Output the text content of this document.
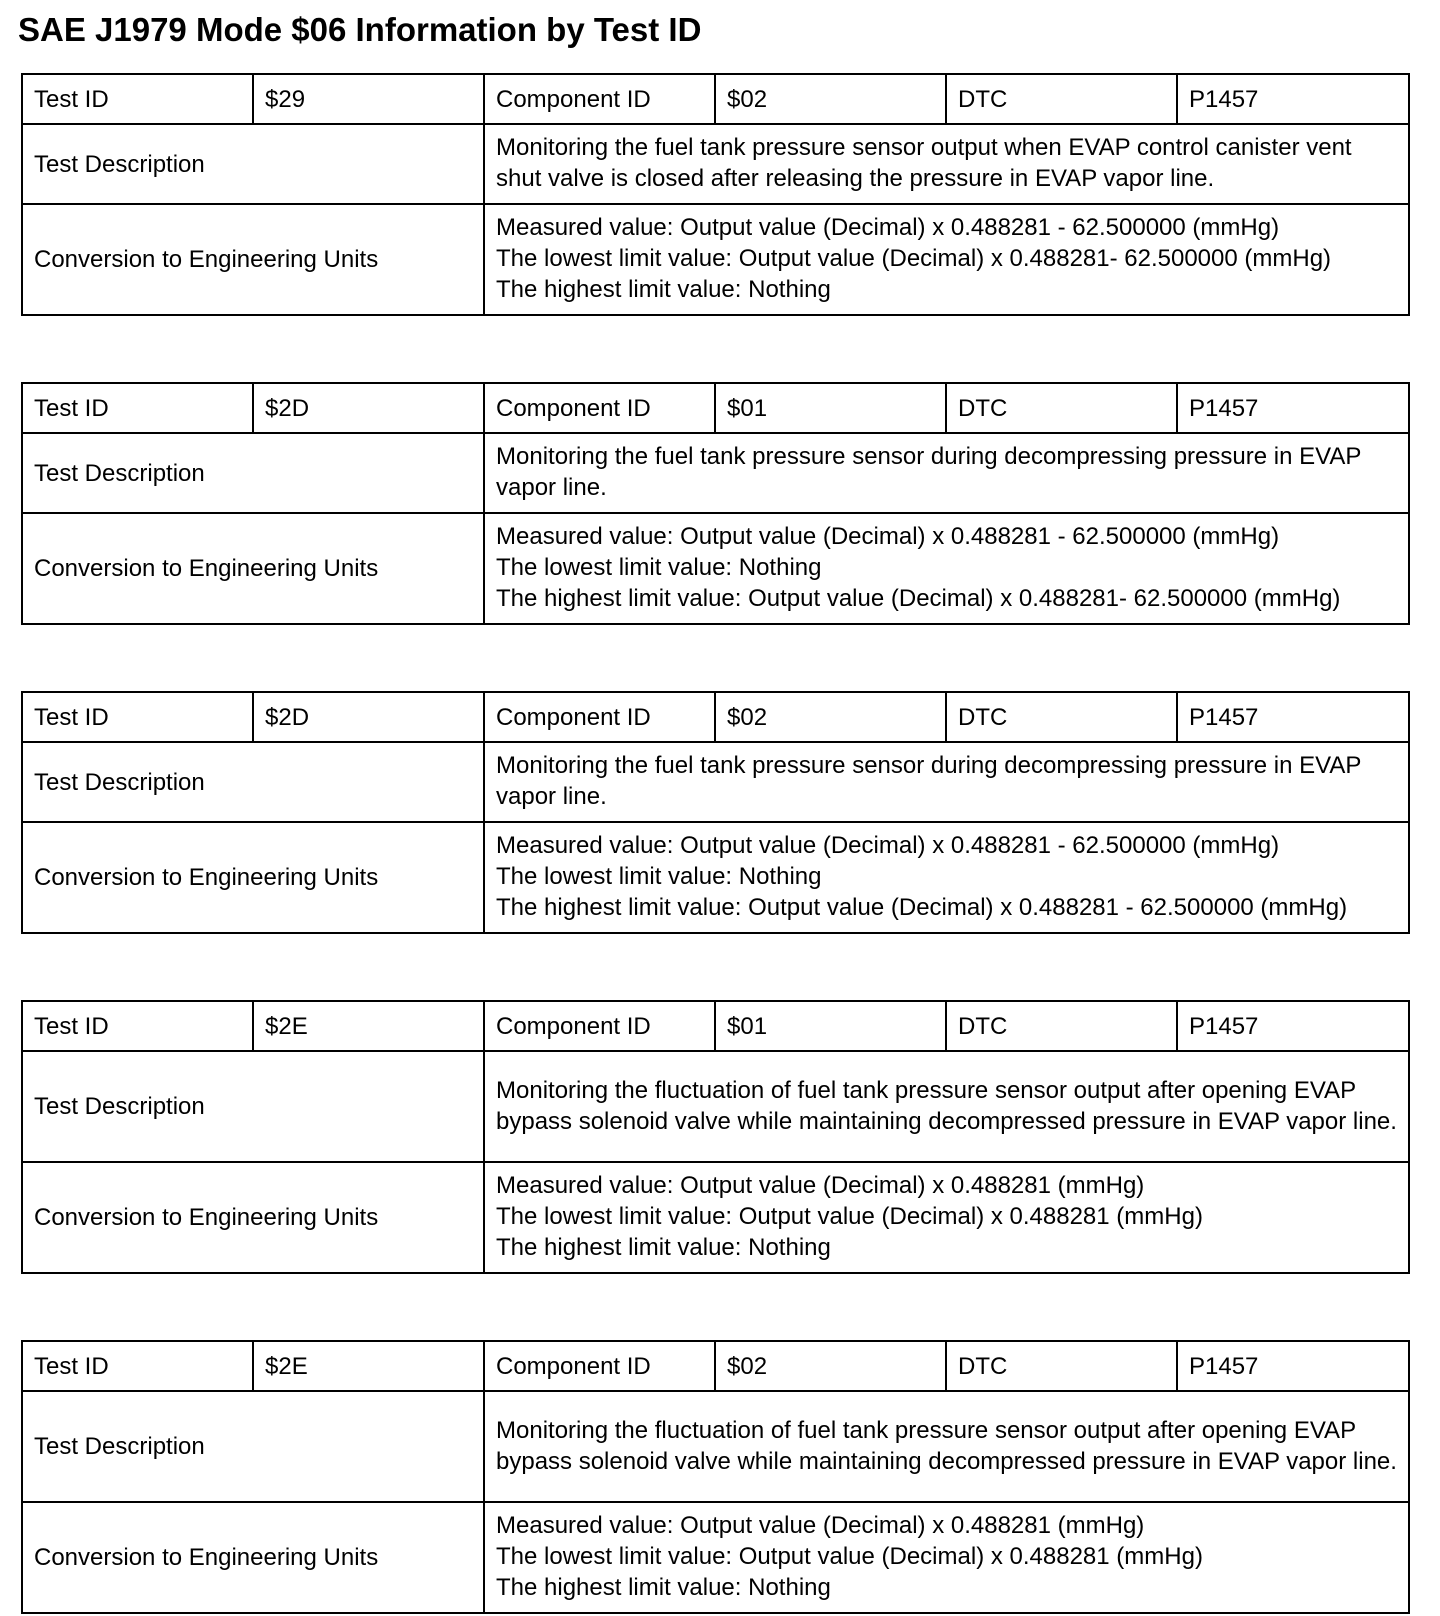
SAE J1979 Mode $06 Information by Test ID
Test ID	$29	Component ID	$02	DTC	P1457
Test Description		Monitoring the fuel tank pressure sensor output when EVAP control canister vent shut valve is closed after releasing the pressure in EVAP vapor line.			
Conversion to Engineering Units		Measured value: Output value (Decimal) x 0.488281 - 62.500000 (mmHg)
The lowest limit value: Output value (Decimal) x 0.488281- 62.500000 (mmHg)
The highest limit value: Nothing			
Test ID	$2D	Component ID	$01	DTC	P1457
Test Description		Monitoring the fuel tank pressure sensor during decompressing pressure in EVAP vapor line.			
Conversion to Engineering Units		Measured value: Output value (Decimal) x 0.488281 - 62.500000 (mmHg)
The lowest limit value: Nothing
The highest limit value: Output value (Decimal) x 0.488281- 62.500000 (mmHg)			
Test ID	$2D	Component ID	$02	DTC	P1457
Test Description		Monitoring the fuel tank pressure sensor during decompressing pressure in EVAP vapor line.			
Conversion to Engineering Units		Measured value: Output value (Decimal) x 0.488281 - 62.500000 (mmHg)
The lowest limit value: Nothing
The highest limit value: Output value (Decimal) x 0.488281 - 62.500000 (mmHg)			
Test ID	$2E	Component ID	$01	DTC	P1457
Test Description		Monitoring the fluctuation of fuel tank pressure sensor output after opening EVAP bypass solenoid valve while maintaining decompressed pressure in EVAP vapor line.			
Conversion to Engineering Units		Measured value: Output value (Decimal) x 0.488281 (mmHg)
The lowest limit value: Output value (Decimal) x 0.488281 (mmHg)
The highest limit value: Nothing			
Test ID	$2E	Component ID	$02	DTC	P1457
Test Description		Monitoring the fluctuation of fuel tank pressure sensor output after opening EVAP bypass solenoid valve while maintaining decompressed pressure in EVAP vapor line.			
Conversion to Engineering Units		Measured value: Output value (Decimal) x 0.488281 (mmHg)
The lowest limit value: Output value (Decimal) x 0.488281 (mmHg)
The highest limit value: Nothing			
